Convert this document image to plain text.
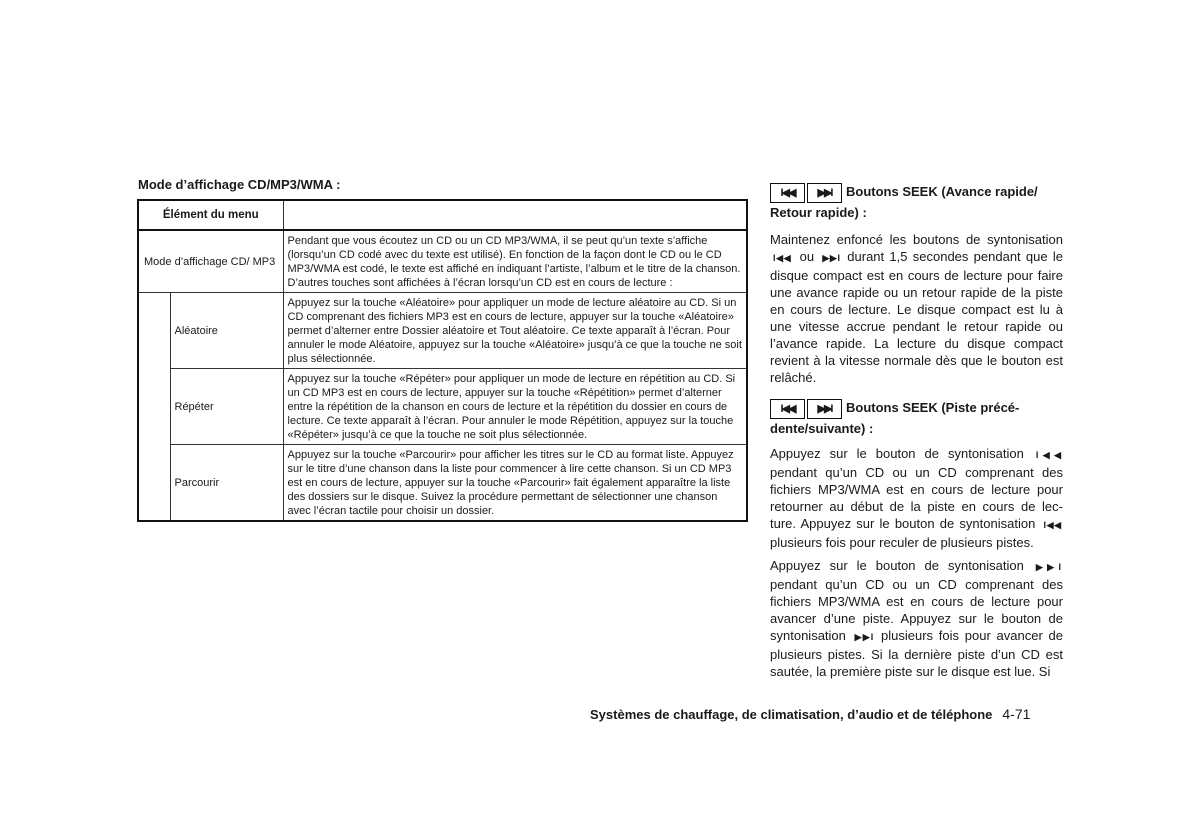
Mode d’affichage CD/MP3/WMA :
Élément du menu		
Mode d’affichage CD/ MP3		Pendant que vous écoutez un CD ou un CD MP3/WMA, il se peut qu’un texte s’affiche (lorsqu’un CD codé avec du texte est utilisé). En fonction de la façon dont le CD ou le CD MP3/WMA est codé, le texte est affiché en indiquant l’artiste, l’album et le titre de la chanson. D’autres touches sont affichées à l’écran lorsqu’un CD est en cours de lecture :
	Aléatoire	Appuyez sur la touche «Aléatoire» pour appliquer un mode de lecture aléatoire au CD. Si un CD comprenant des fichiers MP3 est en cours de lecture, appuyer sur la touche «Aléatoire» permet d’alterner entre Dossier aléatoire et Tout aléatoire. Ce texte apparaît à l’écran. Pour annuler le mode Aléatoire, appuyez sur la touche «Aléatoire» jusqu’à ce que la touche ne soit plus sélectionnée.
	Répéter	Appuyez sur la touche «Répéter» pour appliquer un mode de lecture en répétition au CD. Si un CD MP3 est en cours de lecture, appuyer sur la touche «Répétition» permet d’alterner entre la répétition de la chanson en cours de lecture et la répétition du dossier en cours de lecture. Ce texte apparaît à l’écran. Pour annuler le mode Répétition, appuyez sur la touche «Répéter» jusqu’à ce que la touche ne soit plus sélectionnée.
	Parcourir	Appuyez sur la touche «Parcourir» pour afficher les titres sur le CD au format liste. Appuyez sur le titre d’une chanson dans la liste pour commencer à lire cette chanson. Si un CD MP3 est en cours de lecture, appuyer sur la touche «Parcourir» fait également apparaître la liste des dossiers sur le disque. Suivez la procédure permettant de sélectionner une chanson avec l’écran tactile pour choisir un dossier.
I◀◀ ▶▶I Boutons SEEK (Avance rapide/ Retour rapide) :

Maintenez enfoncé les boutons de syntonisation I◀◀ ou ▶▶I durant 1,5 secondes pendant que le disque compact est en cours de lecture pour faire une avance rapide ou un retour rapide de la piste en cours de lecture. Le disque compact est lu à une vitesse accrue pendant le retour rapide ou l’avance rapide. La lecture du disque compact revient à la vitesse normale dès que le bouton est relâché.

I◀◀ ▶▶I Boutons SEEK (Piste précé- dente/suivante) :

Appuyez sur le bouton de syntonisation I◀◀ pendant qu’un CD ou un CD comprenant des fichiers MP3/WMA est en cours de lecture pour retourner au début de la piste en cours de lec- ture. Appuyez sur le bouton de syntonisation I◀◀ plusieurs fois pour reculer de plusieurs pistes.

Appuyez sur le bouton de syntonisation ▶▶I pendant qu’un CD ou un CD comprenant des fichiers MP3/WMA est en cours de lecture pour avancer d’une piste. Appuyez sur le bouton de syntonisation ▶▶I plusieurs fois pour avancer de plusieurs pistes. Si la dernière piste d’un CD est sautée, la première piste sur le disque est lue. Si

Systèmes de chauffage, de climatisation, d’audio et de téléphone 4-71
